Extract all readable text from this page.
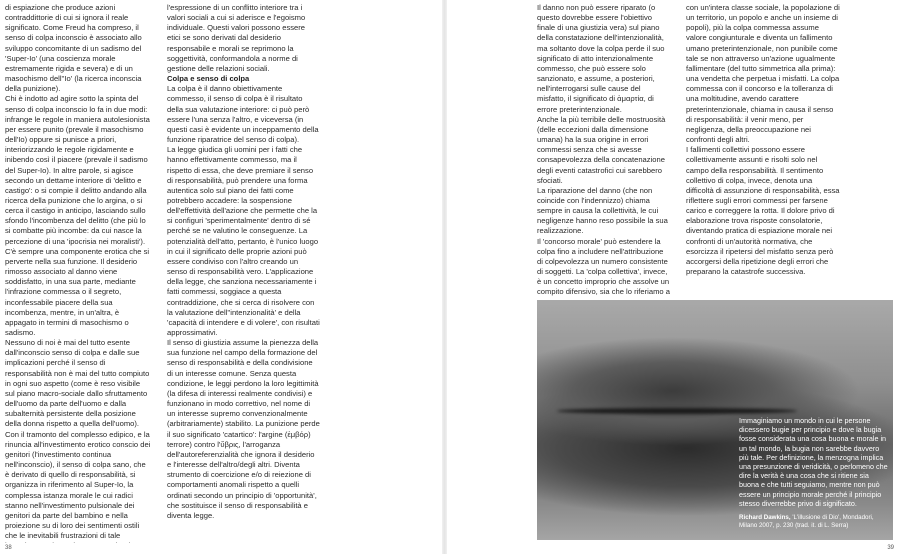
di espiazione che produce azioni contraddittorie di cui si ignora il reale significato. Come Freud ha compreso, il senso di colpa inconscio è associato allo sviluppo concomitante di un sadismo del 'Super-Io' (una coscienza morale estremamente rigida e severa) e di un masochismo dell''Io' (la ricerca inconscia della punizione).

Chi è indotto ad agire sotto la spinta del senso di colpa inconscio lo fa in due modi: infrange le regole in maniera autolesionista per essere punito (prevale il masochismo dell'Io) oppure si punisce a priori, interiorizzando le regole rigidamente e inibendo così il piacere (prevale il sadismo del Super-Io). In altre parole, si agisce secondo un dettame interiore di 'delitto e castigo': o si compie il delitto andando alla ricerca della punizione che lo argina, o si cerca il castigo in anticipo, lasciando sullo sfondo l'incombenza del delitto (che più lo si combatte più incombe: da cui nasce la percezione di una 'ipocrisia nei moralisti'). C'è sempre una componente erotica che si perverte nella sua funzione. Il desiderio rimosso associato al danno viene soddisfatto, in una sua parte, mediante l'infrazione commessa o il segreto, inconfessabile piacere della sua incombenza, mentre, in un'altra, è appagato in termini di masochismo o sadismo.

Nessuno di noi è mai del tutto esente dall'inconscio senso di colpa e dalle sue implicazioni perché il senso di responsabilità non è mai del tutto compiuto in ogni suo aspetto (come è reso visibile sul piano macro-sociale dallo sfruttamento dell'uomo da parte dell'uomo e dalla subalternità persistente della posizione della donna rispetto a quella dell'uomo).

Con il tramonto del complesso edipico, e la rinuncia all'investimento erotico conscio dei genitori (l'investimento continua nell'inconscio), il senso di colpa sano, che è derivato di quello di responsabilità, si organizza in riferimento al Super-Io, la complessa istanza morale le cui radici stanno nell'investimento pulsionale dei genitori da parte del bambino e nella proiezione su di loro dei sentimenti ostili che le inevitabili frustrazioni di tale

l'espressione di un conflitto interiore tra i valori sociali a cui si aderisce e l'egoismo individuale. Questi valori possono essere etici se sono derivati dal desiderio responsabile e morali se reprimono la soggettività, conformandola a norme di gestione delle relazioni sociali.

Colpa e senso di colpa

La colpa è il danno obiettivamente commesso, il senso di colpa è il risultato della sua valutazione interiore: ci può però essere l'una senza l'altro, e viceversa (in questi casi è evidente un inceppamento della funzione riparatrice del senso di colpa).

La legge giudica gli uomini per i fatti che hanno effettivamente commesso, ma il rispetto di essa, che deve premiare il senso di responsabilità, può prendere una forma autentica solo sul piano dei fatti come potrebbero accadere: la sospensione dell'effettività dell'azione che permette che la si configuri 'sperimentalmente' dentro di sé perché se ne valutino le conseguenze. La potenzialità dell'atto, pertanto, è l'unico luogo in cui il significato delle proprie azioni può essere condiviso con l'altro creando un senso di responsabilità vero. L'applicazione della legge, che sanziona necessariamente i fatti commessi, soggiace a questa contraddizione, che si cerca di risolvere con la valutazione dell''intenzionalità' e della 'capacità di intendere e di volere', con risultati approssimativi.

Il senso di giustizia assume la pienezza della sua funzione nel campo della formazione del senso di responsabilità e della condivisione di un interesse comune. Senza questa condizione, le leggi perdono la loro legittimità (la difesa di interessi realmente condivisi) e funzionano in modo correttivo, nel nome di un interesse supremo convenzionalmente (arbitrariamente) stabilito. La punizione perde il suo significato 'catartico': l'argine (ἐμβόρ) terrore) contro l'ὕβρις, l'arroganza dell'autoreferenzialità che ignora il desiderio e l'interesse dell'altro/degli altri. Diventa strumento di coercizione e/o di reiezione di comportamenti anomali rispetto a quelli ordinati secondo un principio di 'opportunità', che sostituisce il senso di responsabilità e diventa legge.

38

Il danno non può essere riparato (o questo dovrebbe essere l'obiettivo finale di una giustizia vera) sul piano della constatazione dell'intenzionalità, ma soltanto dove la colpa perde il suo significato di atto intenzionalmente commesso, che può essere solo sanzionato, e assume, a posteriori, nell'interrogarsi sulle cause del misfatto, il significato di ἁμαρτία, di errore preterintenzionale.

Anche la più terribile delle mostruosità (delle eccezioni dalla dimensione umana) ha la sua origine in errori commessi senza che si avesse consapevolezza della concatenazione degli eventi catastrofici cui sarebbero sfociati.

La riparazione del danno (che non coincide con l'indennizzo) chiama sempre in causa la collettività, le cui negligenze hanno reso possibile la sua realizzazione.

Il 'concorso morale' può estendere la colpa fino a includere nell'attribuzione di colpevolezza un numero consistente di soggetti. La 'colpa collettiva', invece, è un concetto improprio che assolve un compito difensivo, sia che lo riferiamo a

con un'intera classe sociale, la popolazione di un territorio, un popolo e anche un insieme di popoli), più la colpa commessa assume valore congiunturale e diventa un fallimento umano preterintenzionale, non punibile come tale se non attraverso un'azione ugualmente fallimentare (del tutto simmetrica alla prima): una vendetta che perpetua i misfatti. La colpa commessa con il concorso e la tolleranza di una moltitudine, avendo carattere preterintenzionale, chiama in causa il senso di responsabilità: il venir meno, per negligenza, della preoccupazione nei confronti degli altri.

I fallimenti collettivi possono essere collettivamente assunti e risolti solo nel campo della responsabilità. Il sentimento collettivo di colpa, invece, denota una difficoltà di assunzione di responsabilità, essa riflettere sugli errori commessi per farsene carico e correggere la rotta. Il dolore privo di elaborazione trova risposte consolatorie, diventando pratica di espiazione morale nei confronti di un'autorità normativa, che esorcizza il ripetersi del misfatto senza però accorgersi della ripetizione degli errori che preparano la catastrofe successiva.

Immaginiamo un mondo in cui le persone dicessero bugie per principio e dove la bugia fosse considerata una cosa buona e morale in un tal mondo, la bugia non sarebbe davvero più tale. Per definizione, la menzogna implica una presunzione di veridicità, o perlomeno che dire la verità è una cosa che si ritiene sia buona e che tutti seguiamo, mentre non può essere un principio morale perché il principio stesso diverrebbe privo di significato.

Richard Dawkins, 'L'illusione di Dio', Mondadori, Milano 2007, p. 230 (trad. it. di L. Serra)

39
